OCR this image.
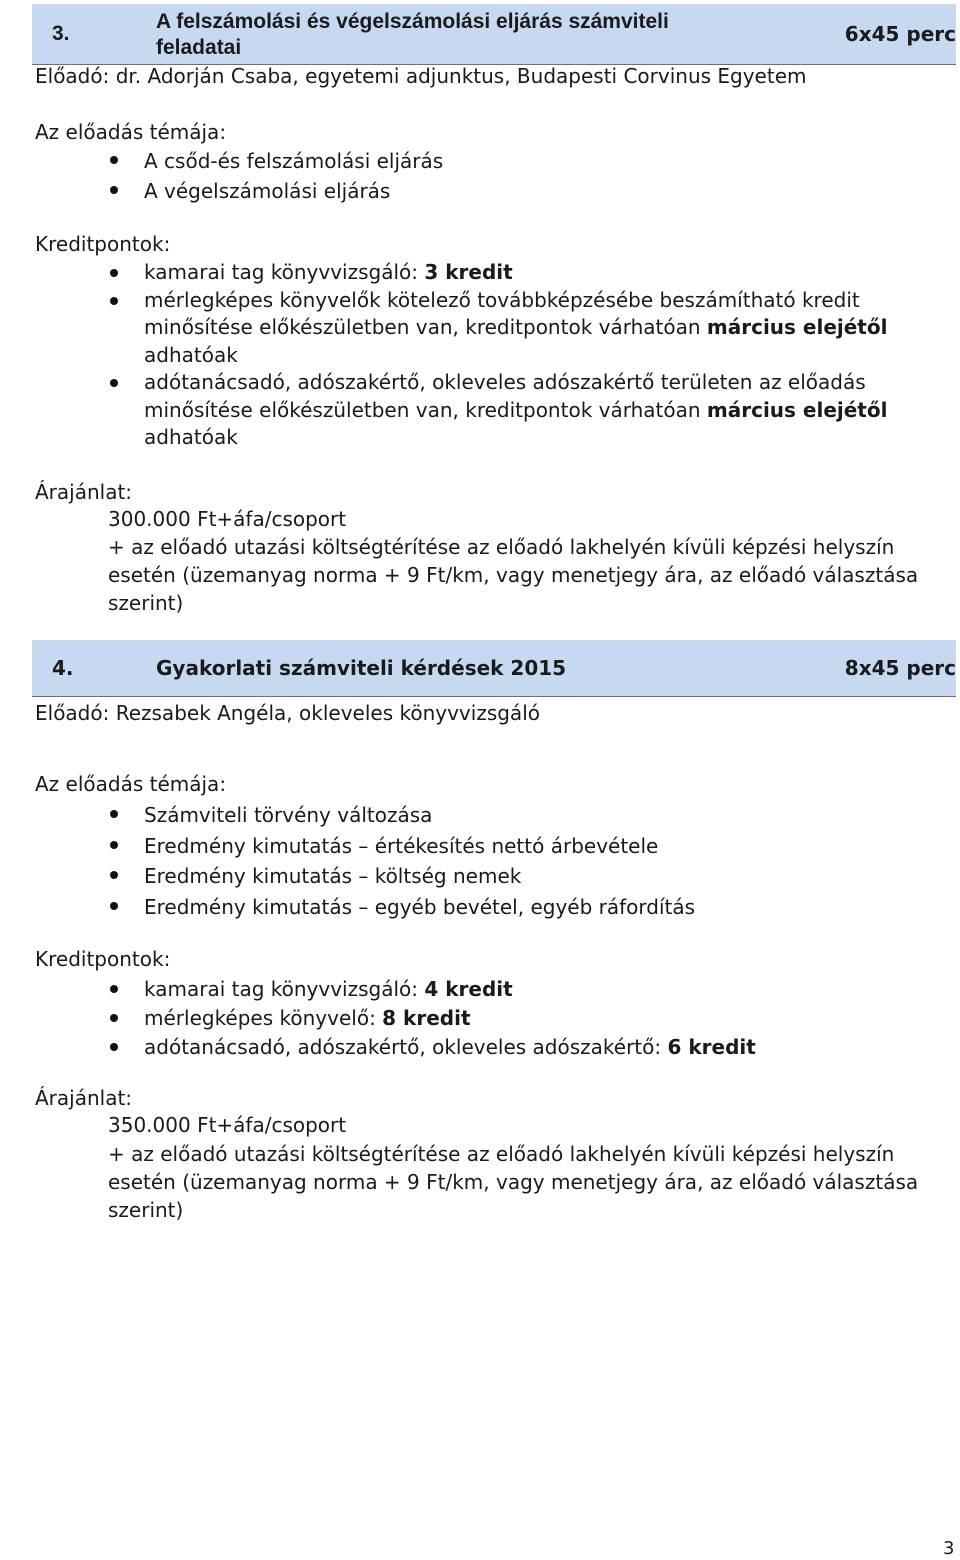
3.
A felszámolási és végelszámolási eljárás számviteli feladatai
6x45 perc
Előadó: dr. Adorján Csaba, egyetemi adjunktus, Budapesti Corvinus Egyetem
Az előadás témája:
A csőd-és felszámolási eljárás
A végelszámolási eljárás
Kreditpontok:
kamarai tag könyvvizsgáló: 3 kredit
mérlegképes könyvelők kötelező továbbképzésébe beszámítható kredit minősítése előkészületben van, kreditpontok várhatóan március elejétől adhatóak
adótanácsadó, adószakértő, okleveles adószakértő területen az előadás minősítése előkészületben van, kreditpontok várhatóan március elejétől adhatóak
Árajánlat:
300.000 Ft+áfa/csoport
+ az előadó utazási költségtérítése az előadó lakhelyén kívüli képzési helyszín esetén (üzemanyag norma + 9 Ft/km, vagy menetjegy ára, az előadó választása szerint)
4.	Gyakorlati számviteli kérdések 2015	8x45 perc
Előadó: Rezsabek Angéla, okleveles könyvvizsgáló
Az előadás témája:
Számviteli törvény változása
Eredmény kimutatás – értékesítés nettó árbevétele
Eredmény kimutatás – költség nemek
Eredmény kimutatás – egyéb bevétel, egyéb ráfordítás
Kreditpontok:
kamarai tag könyvvizsgáló: 4 kredit
mérlegképes könyvelő: 8 kredit
adótanácsadó, adószakértő, okleveles adószakértő: 6 kredit
Árajánlat:
350.000 Ft+áfa/csoport
+ az előadó utazási költségtérítése az előadó lakhelyén kívüli képzési helyszín esetén (üzemanyag norma + 9 Ft/km, vagy menetjegy ára, az előadó választása szerint)
3
